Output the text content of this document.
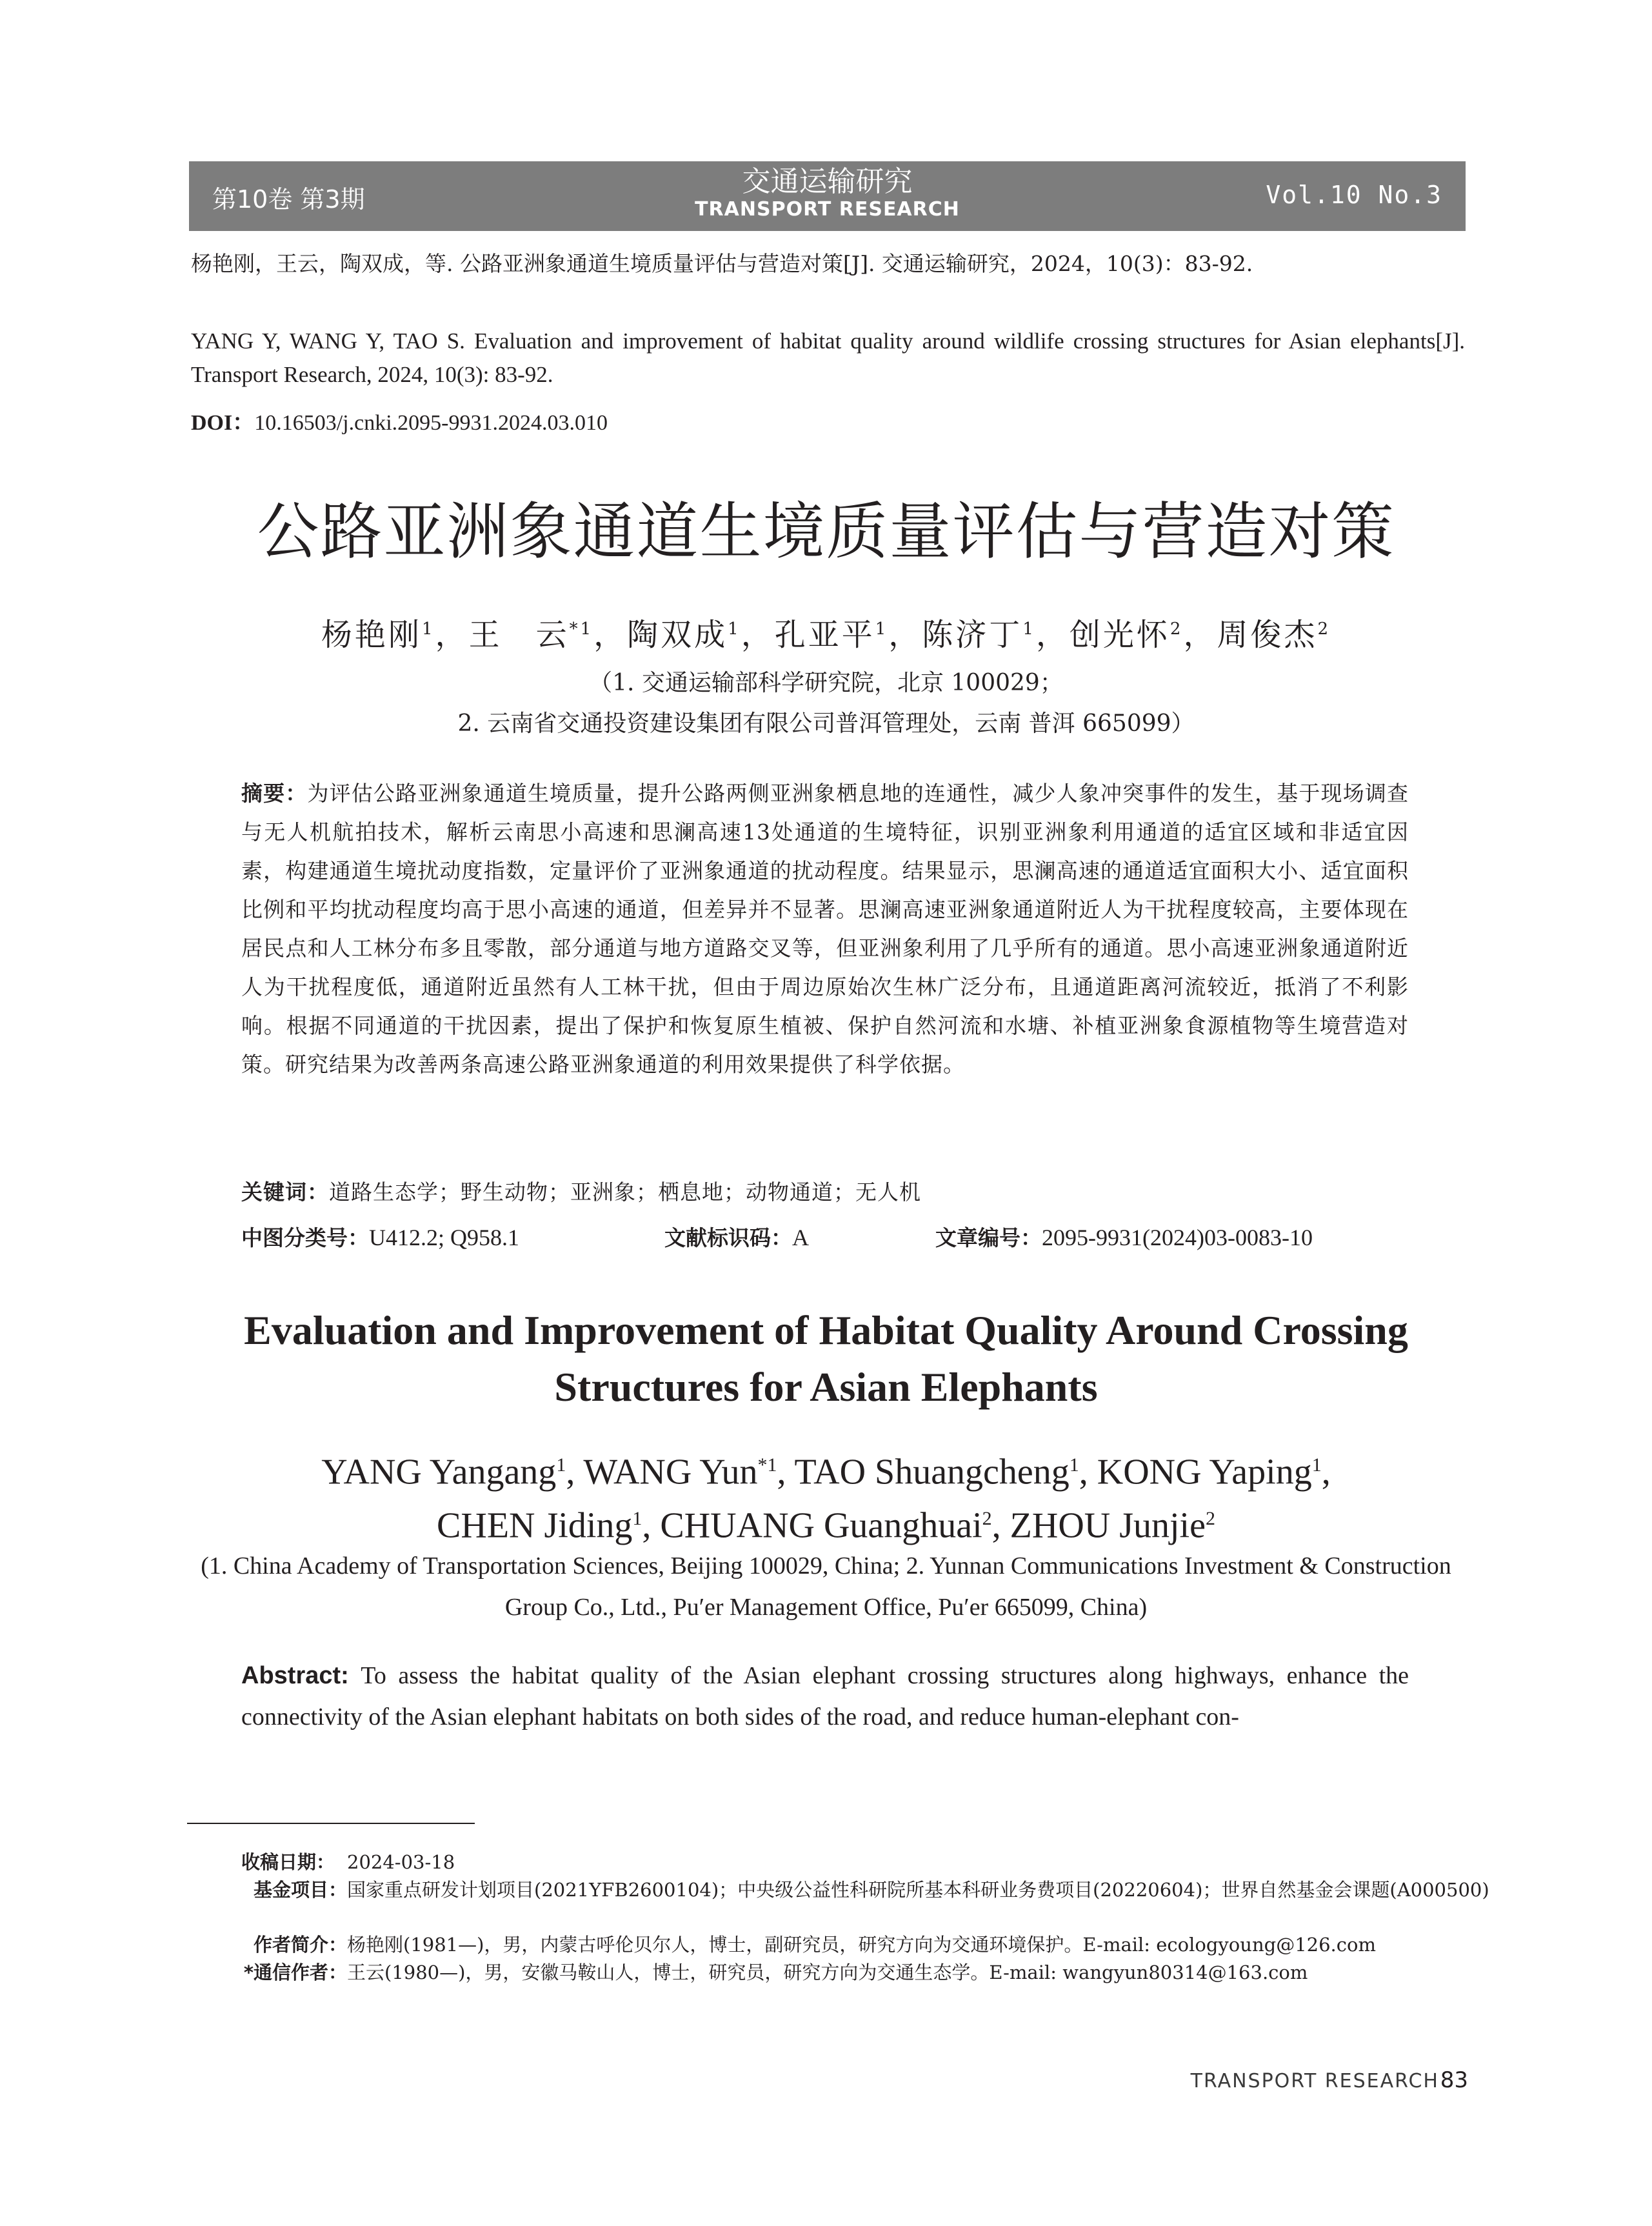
第10卷 第3期
交通运输研究
TRANSPORT RESEARCH
Vol.10 No.3
杨艳刚，王云，陶双成，等. 公路亚洲象通道生境质量评估与营造对策[J]. 交通运输研究，2024，10(3)：83-92.
YANG Y, WANG Y, TAO S. Evaluation and improvement of habitat quality around wildlife crossing structures for Asian elephants[J]. Transport Research, 2024, 10(3): 83-92.
DOI：10.16503/j.cnki.2095-9931.2024.03.010
公路亚洲象通道生境质量评估与营造对策
杨艳刚$^1$，王　云$^{*1}$，陶双成$^1$，孔亚平$^1$，陈济丁$^1$，创光怀$^2$，周俊杰$^2$
（1. 交通运输部科学研究院，北京 100029；
2. 云南省交通投资建设集团有限公司普洱管理处，云南 普洱 665099）
摘要：为评估公路亚洲象通道生境质量，提升公路两侧亚洲象栖息地的连通性，减少人象冲突事件的发生，基于现场调查与无人机航拍技术，解析云南思小高速和思澜高速13处通道的生境特征，识别亚洲象利用通道的适宜区域和非适宜因素，构建通道生境扰动度指数，定量评价了亚洲象通道的扰动程度。结果显示，思澜高速的通道适宜面积大小、适宜面积比例和平均扰动程度均高于思小高速的通道，但差异并不显著。思澜高速亚洲象通道附近人为干扰程度较高，主要体现在居民点和人工林分布多且零散，部分通道与地方道路交叉等，但亚洲象利用了几乎所有的通道。思小高速亚洲象通道附近人为干扰程度低，通道附近虽然有人工林干扰，但由于周边原始次生林广泛分布，且通道距离河流较近，抵消了不利影响。根据不同通道的干扰因素，提出了保护和恢复原生植被、保护自然河流和水塘、补植亚洲象食源植物等生境营造对策。研究结果为改善两条高速公路亚洲象通道的利用效果提供了科学依据。
关键词：道路生态学；野生动物；亚洲象；栖息地；动物通道；无人机
中图分类号：U412.2; Q958.1	文献标识码：A	文章编号：2095-9931(2024)03-0083-10
Evaluation and Improvement of Habitat Quality Around Crossing
Structures for Asian Elephants
YANG Yangang$^1$, WANG Yun$^{*1}$, TAO Shuangcheng$^1$, KONG Yaping$^1$,
CHEN Jiding$^1$, CHUANG Guanghuai$^2$, ZHOU Junjie$^2$
(1. China Academy of Transportation Sciences, Beijing 100029, China; 2. Yunnan Communications Investment & Construction Group Co., Ltd., Pu′er Management Office, Pu′er 665099, China)
Abstract: To assess the habitat quality of the Asian elephant crossing structures along highways, enhance the connectivity of the Asian elephant habitats on both sides of the road, and reduce human-elephant con-
收稿日期： 2024-03-18
基金项目： 国家重点研发计划项目(2021YFB2600104)；中央级公益性科研院所基本科研业务费项目(20220604)；世界自然基金会课题(A000500)
作者简介： 杨艳刚(1981—)，男，内蒙古呼伦贝尔人，博士，副研究员，研究方向为交通环境保护。E-mail: ecologyoung@126.com
*通信作者： 王云(1980—)，男，安徽马鞍山人，博士，研究员，研究方向为交通生态学。E-mail: wangyun80314@163.com
TRANSPORT RESEARCH 83
